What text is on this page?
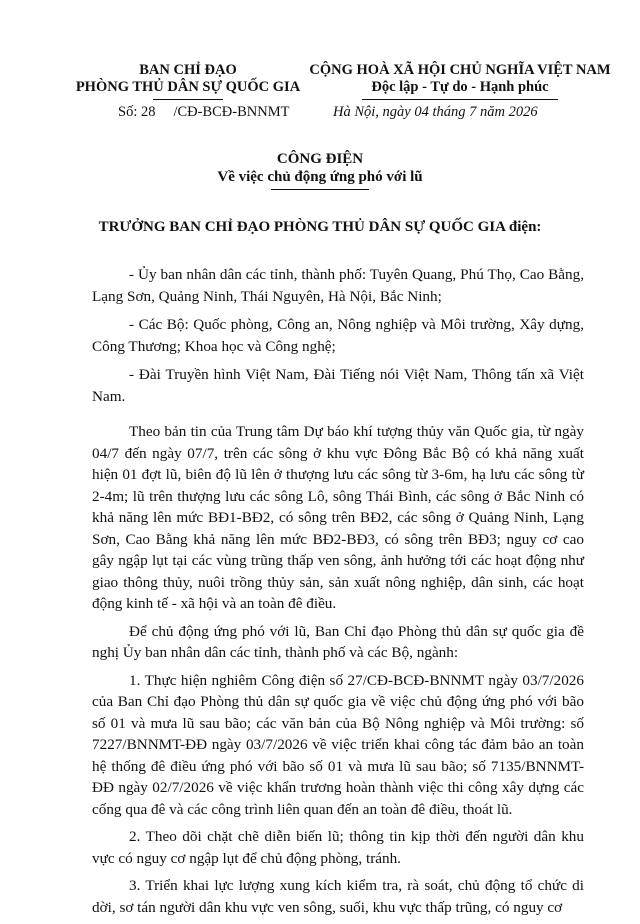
BAN CHỈ ĐẠO
PHÒNG THỦ DÂN SỰ QUỐC GIA
CỘNG HOÀ XÃ HỘI CHỦ NGHĨA VIỆT NAM
Độc lập - Tự do - Hạnh phúc
Số: 28 /CĐ-BCĐ-BNNMT	Hà Nội, ngày 04 tháng 7 năm 2026
CÔNG ĐIỆN
Về việc chủ động ứng phó với lũ
TRƯỞNG BAN CHỈ ĐẠO PHÒNG THỦ DÂN SỰ QUỐC GIA điện:

- Ủy ban nhân dân các tỉnh, thành phố: Tuyên Quang, Phú Thọ, Cao Bằng, Lạng Sơn, Quảng Ninh, Thái Nguyên, Hà Nội, Bắc Ninh;

- Các Bộ: Quốc phòng, Công an, Nông nghiệp và Môi trường, Xây dựng, Công Thương; Khoa học và Công nghệ;

- Đài Truyền hình Việt Nam, Đài Tiếng nói Việt Nam, Thông tấn xã Việt Nam.

Theo bản tin của Trung tâm Dự báo khí tượng thủy văn Quốc gia, từ ngày 04/7 đến ngày 07/7, trên các sông ở khu vực Đông Bắc Bộ có khả năng xuất hiện 01 đợt lũ, biên độ lũ lên ở thượng lưu các sông từ 3-6m, hạ lưu các sông từ 2-4m; lũ trên thượng lưu các sông Lô, sông Thái Bình, các sông ở Bắc Ninh có khả năng lên mức BĐ1-BĐ2, có sông trên BĐ2, các sông ở Quảng Ninh, Lạng Sơn, Cao Bằng khả năng lên mức BĐ2-BĐ3, có sông trên BĐ3; nguy cơ cao gây ngập lụt tại các vùng trũng thấp ven sông, ảnh hưởng tới các hoạt động như giao thông thủy, nuôi trồng thủy sản, sản xuất nông nghiệp, dân sinh, các hoạt động kinh tế - xã hội và an toàn đê điều.

Để chủ động ứng phó với lũ, Ban Chỉ đạo Phòng thủ dân sự quốc gia đề nghị Ủy ban nhân dân các tỉnh, thành phố và các Bộ, ngành:

1. Thực hiện nghiêm Công điện số 27/CĐ-BCĐ-BNNMT ngày 03/7/2026 của Ban Chỉ đạo Phòng thủ dân sự quốc gia về việc chủ động ứng phó với bão số 01 và mưa lũ sau bão; các văn bản của Bộ Nông nghiệp và Môi trường: số 7227/BNNMT-ĐĐ ngày 03/7/2026 về việc triển khai công tác đảm bảo an toàn hệ thống đê điều ứng phó với bão số 01 và mưa lũ sau bão; số 7135/BNNMT-ĐĐ ngày 02/7/2026 về việc khẩn trương hoàn thành việc thi công xây dựng các cống qua đê và các công trình liên quan đến an toàn đê điều, thoát lũ.

2. Theo dõi chặt chẽ diễn biến lũ; thông tin kịp thời đến người dân khu vực có nguy cơ ngập lụt để chủ động phòng, tránh.

3. Triển khai lực lượng xung kích kiểm tra, rà soát, chủ động tổ chức di dời, sơ tán người dân khu vực ven sông, suối, khu vực thấp trũng, có nguy cơ
